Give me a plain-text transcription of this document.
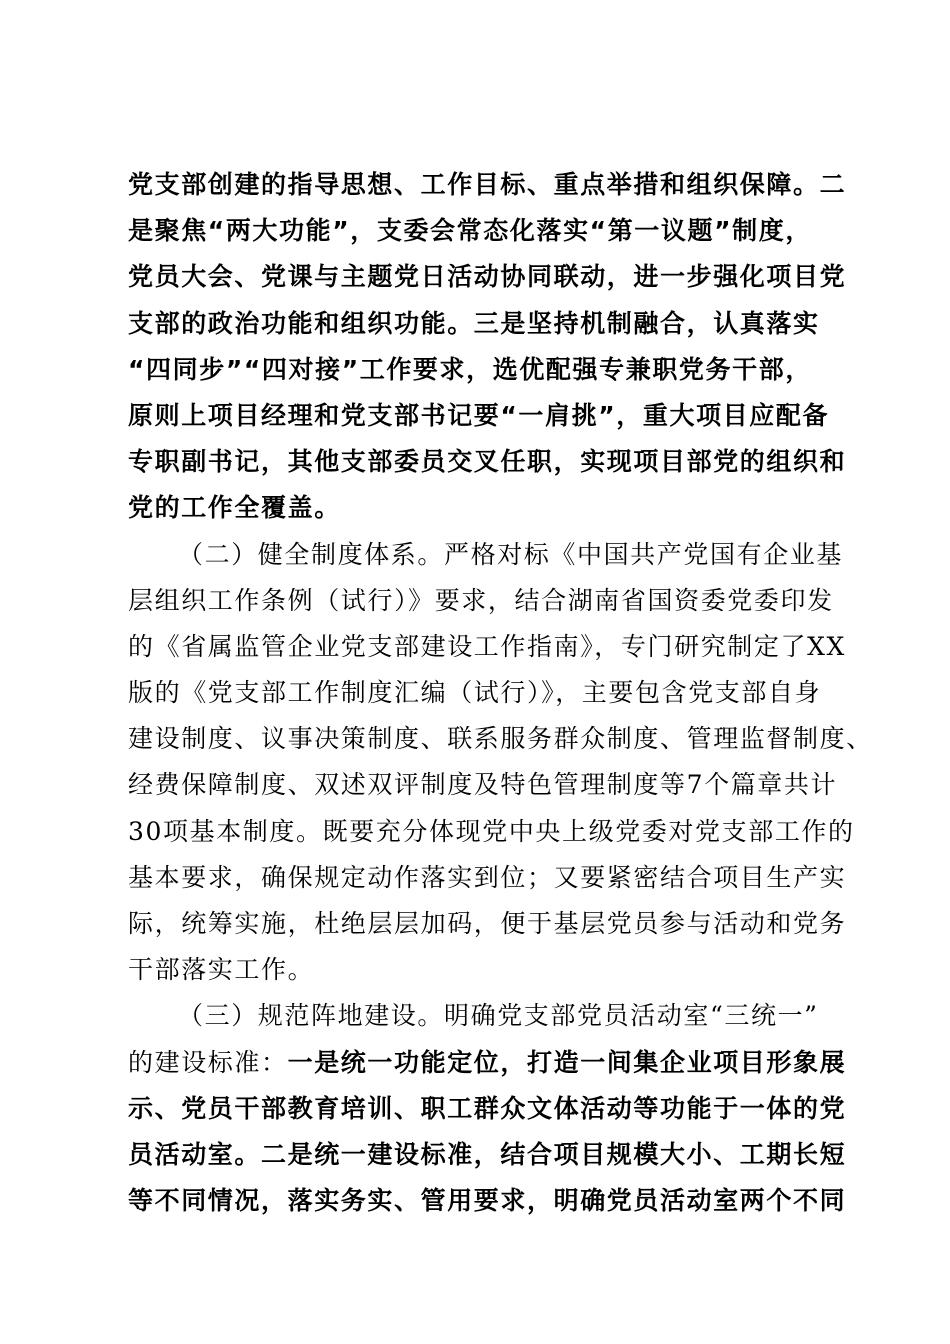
党支部创建的指导思想、工作目标、重点举措和组织保障。二
是聚焦“两大功能”，支委会常态化落实“第一议题”制度，
党员大会、党课与主题党日活动协同联动，进一步强化项目党
支部的政治功能和组织功能。三是坚持机制融合，认真落实
“四同步”“四对接”工作要求，选优配强专兼职党务干部，
原则上项目经理和党支部书记要“一肩挑”，重大项目应配备
专职副书记，其他支部委员交叉任职，实现项目部党的组织和
党的工作全覆盖。
（二）健全制度体系。严格对标《中国共产党国有企业基
层组织工作条例（试行）》要求，结合湖南省国资委党委印发
的《省属监管企业党支部建设工作指南》，专门研究制定了XX
版的《党支部工作制度汇编（试行）》，主要包含党支部自身
建设制度、议事决策制度、联系服务群众制度、管理监督制度、
经费保障制度、双述双评制度及特色管理制度等7个篇章共计
30项基本制度。既要充分体现党中央上级党委对党支部工作的
基本要求，确保规定动作落实到位；又要紧密结合项目生产实
际，统筹实施，杜绝层层加码，便于基层党员参与活动和党务
干部落实工作。
（三）规范阵地建设。明确党支部党员活动室“三统一”
的建设标准：一是统一功能定位，打造一间集企业项目形象展
示、党员干部教育培训、职工群众文体活动等功能于一体的党
员活动室。二是统一建设标准，结合项目规模大小、工期长短
等不同情况，落实务实、管用要求，明确党员活动室两个不同
